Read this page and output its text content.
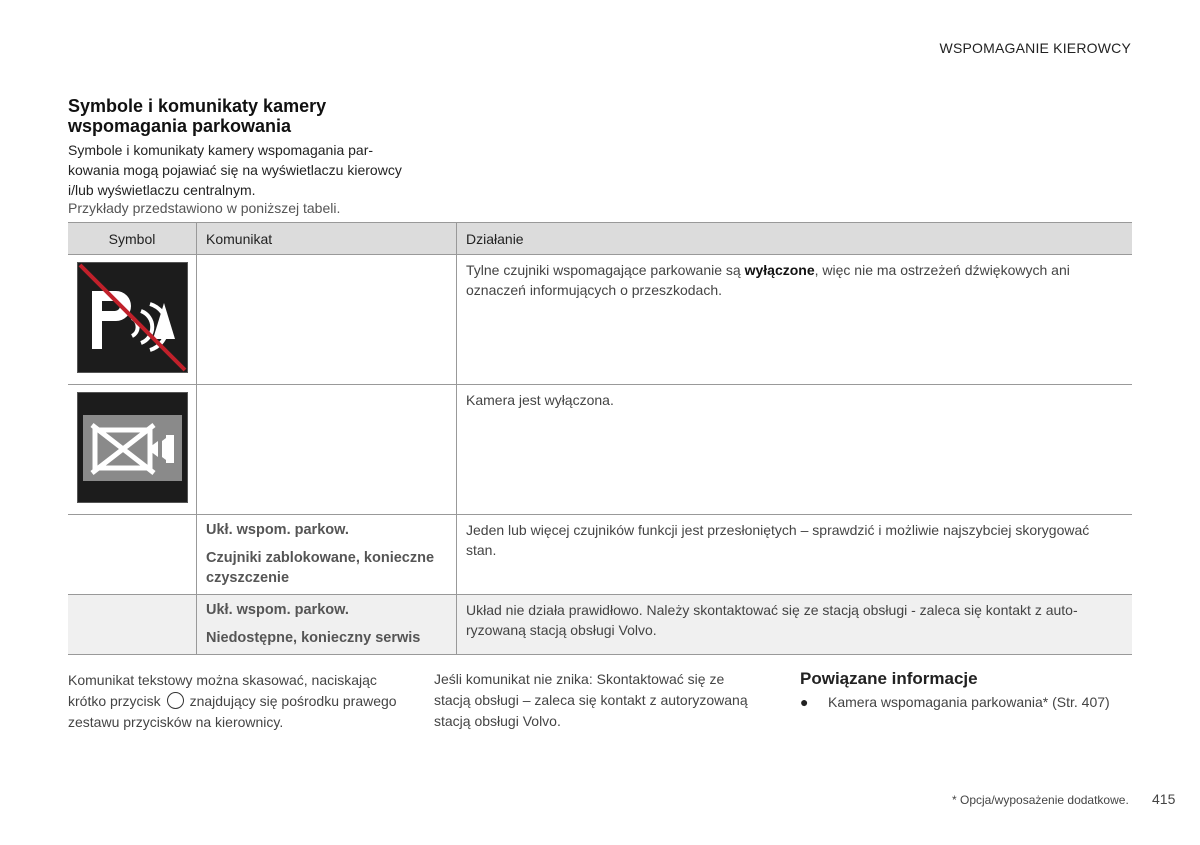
WSPOMAGANIE KIEROWCY
Symbole i komunikaty kamery wspomagania parkowania
Symbole i komunikaty kamery wspomagania parkowania mogą pojawiać się na wyświetlaczu kierowcy i/lub wyświetlaczu centralnym.
Przykłady przedstawiono w poniższej tabeli.
Symbol	Komunikat	Działanie

		Tylne czujniki wspomagające parkowanie są wyłączone, więc nie ma ostrzeżeń dźwiękowych ani oznaczeń informujących o przeszkodach.

		Kamera jest wyłączona.

	Ukł. wspom. parkow.
Czujniki zablokowane, konieczne czyszczenie	Jeden lub więcej czujników funkcji jest przesłoniętych – sprawdzić i możliwie najszybciej skorygować stan.

	Ukł. wspom. parkow.
Niedostępne, konieczny serwis	Układ nie działa prawidłowo. Należy skontaktować się ze stacją obsługi - zaleca się kontakt z autoryzowaną stacją obsługi Volvo.
Komunikat tekstowy można skasować, naciskając krótko przycisk znajdujący się pośrodku prawego zestawu przycisków na kierownicy.
Jeśli komunikat nie znika: Skontaktować się ze stacją obsługi – zaleca się kontakt z autoryzowaną stacją obsługi Volvo.
Powiązane informacje
● Kamera wspomagania parkowania* (Str. 407)
* Opcja/wyposażenie dodatkowe. 415
